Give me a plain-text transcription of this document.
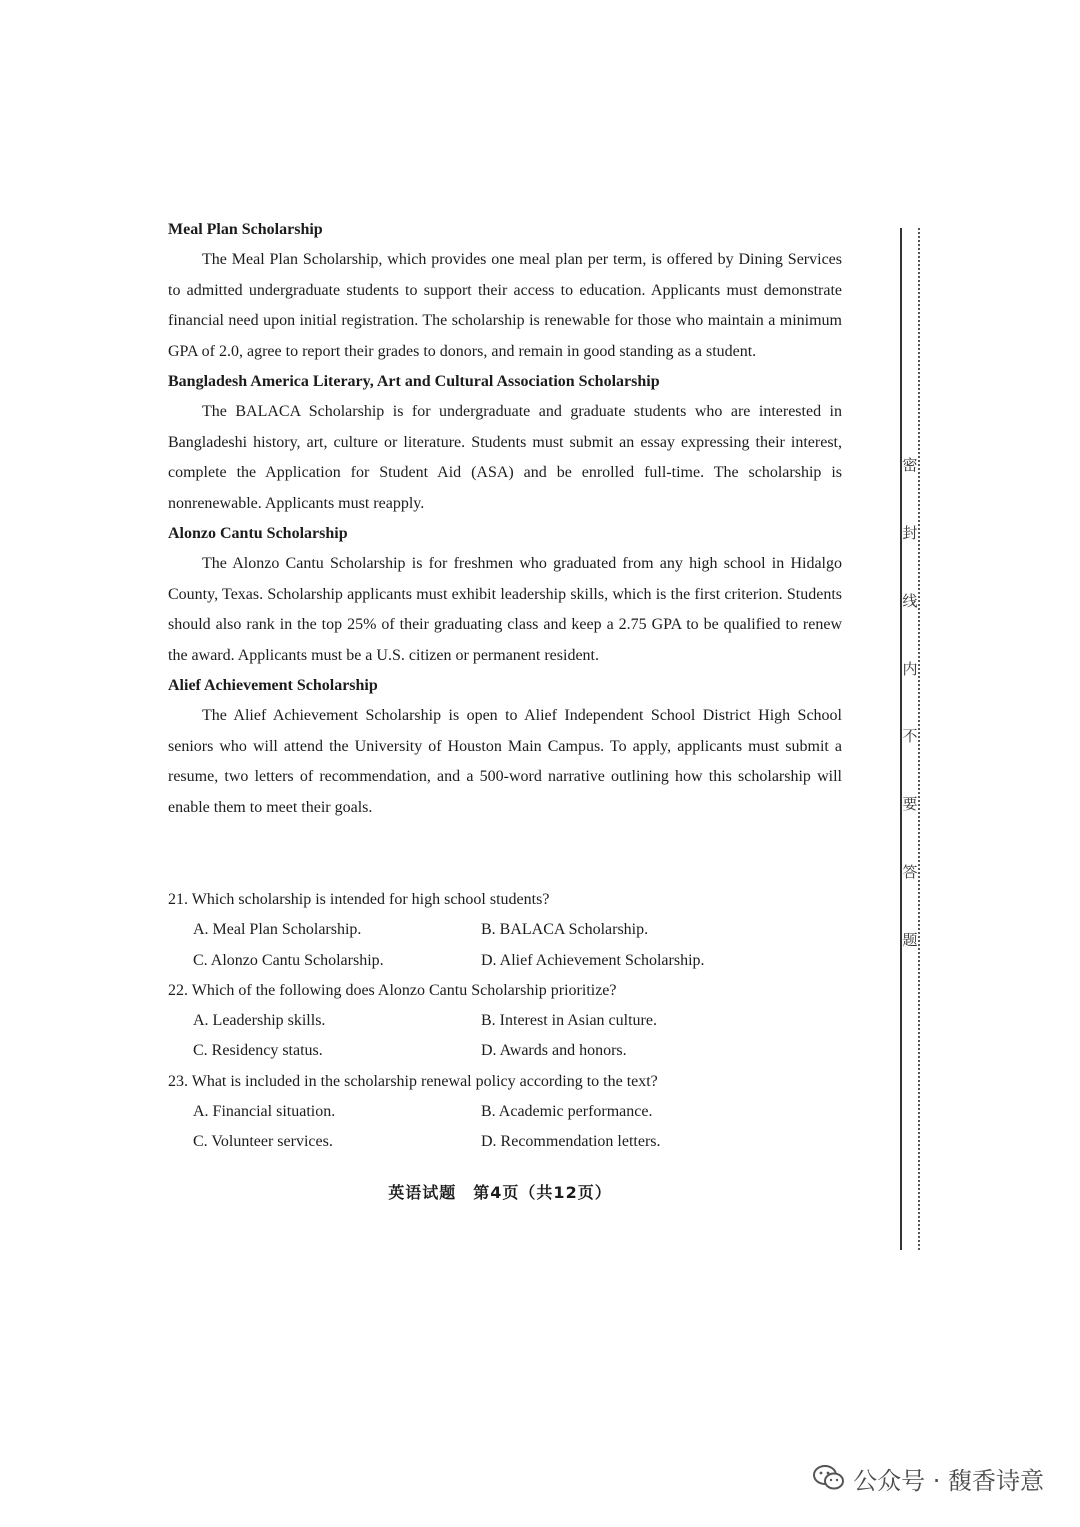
Meal Plan Scholarship

The Meal Plan Scholarship, which provides one meal plan per term, is offered by Dining Services to admitted undergraduate students to support their access to education. Applicants must demonstrate financial need upon initial registration. The scholarship is renewable for those who maintain a minimum GPA of 2.0, agree to report their grades to donors, and remain in good standing as a student.

Bangladesh America Literary, Art and Cultural Association Scholarship

The BALACA Scholarship is for undergraduate and graduate students who are interested in Bangladeshi history, art, culture or literature. Students must submit an essay expressing their interest, complete the Application for Student Aid (ASA) and be enrolled full-time. The scholarship is nonrenewable. Applicants must reapply.

Alonzo Cantu Scholarship

The Alonzo Cantu Scholarship is for freshmen who graduated from any high school in Hidalgo County, Texas. Scholarship applicants must exhibit leadership skills, which is the first criterion. Students should also rank in the top 25% of their graduating class and keep a 2.75 GPA to be qualified to renew the award. Applicants must be a U.S. citizen or permanent resident.

Alief Achievement Scholarship

The Alief Achievement Scholarship is open to Alief Independent School District High School seniors who will attend the University of Houston Main Campus. To apply, applicants must submit a resume, two letters of recommendation, and a 500-word narrative outlining how this scholarship will enable them to meet their goals.

21. Which scholarship is intended for high school students?

A. Meal Plan Scholarship.	B. BALACA Scholarship.
C. Alonzo Cantu Scholarship.	D. Alief Achievement Scholarship.

22. Which of the following does Alonzo Cantu Scholarship prioritize?

A. Leadership skills.	B. Interest in Asian culture.
C. Residency status.	D. Awards and honors.

23. What is included in the scholarship renewal policy according to the text?

A. Financial situation.	B. Academic performance.
C. Volunteer services.	D. Recommendation letters.
英语试题　第4页（共12页）
密
封
线
内
不
要
答
题
公众号 · 馥香诗意
